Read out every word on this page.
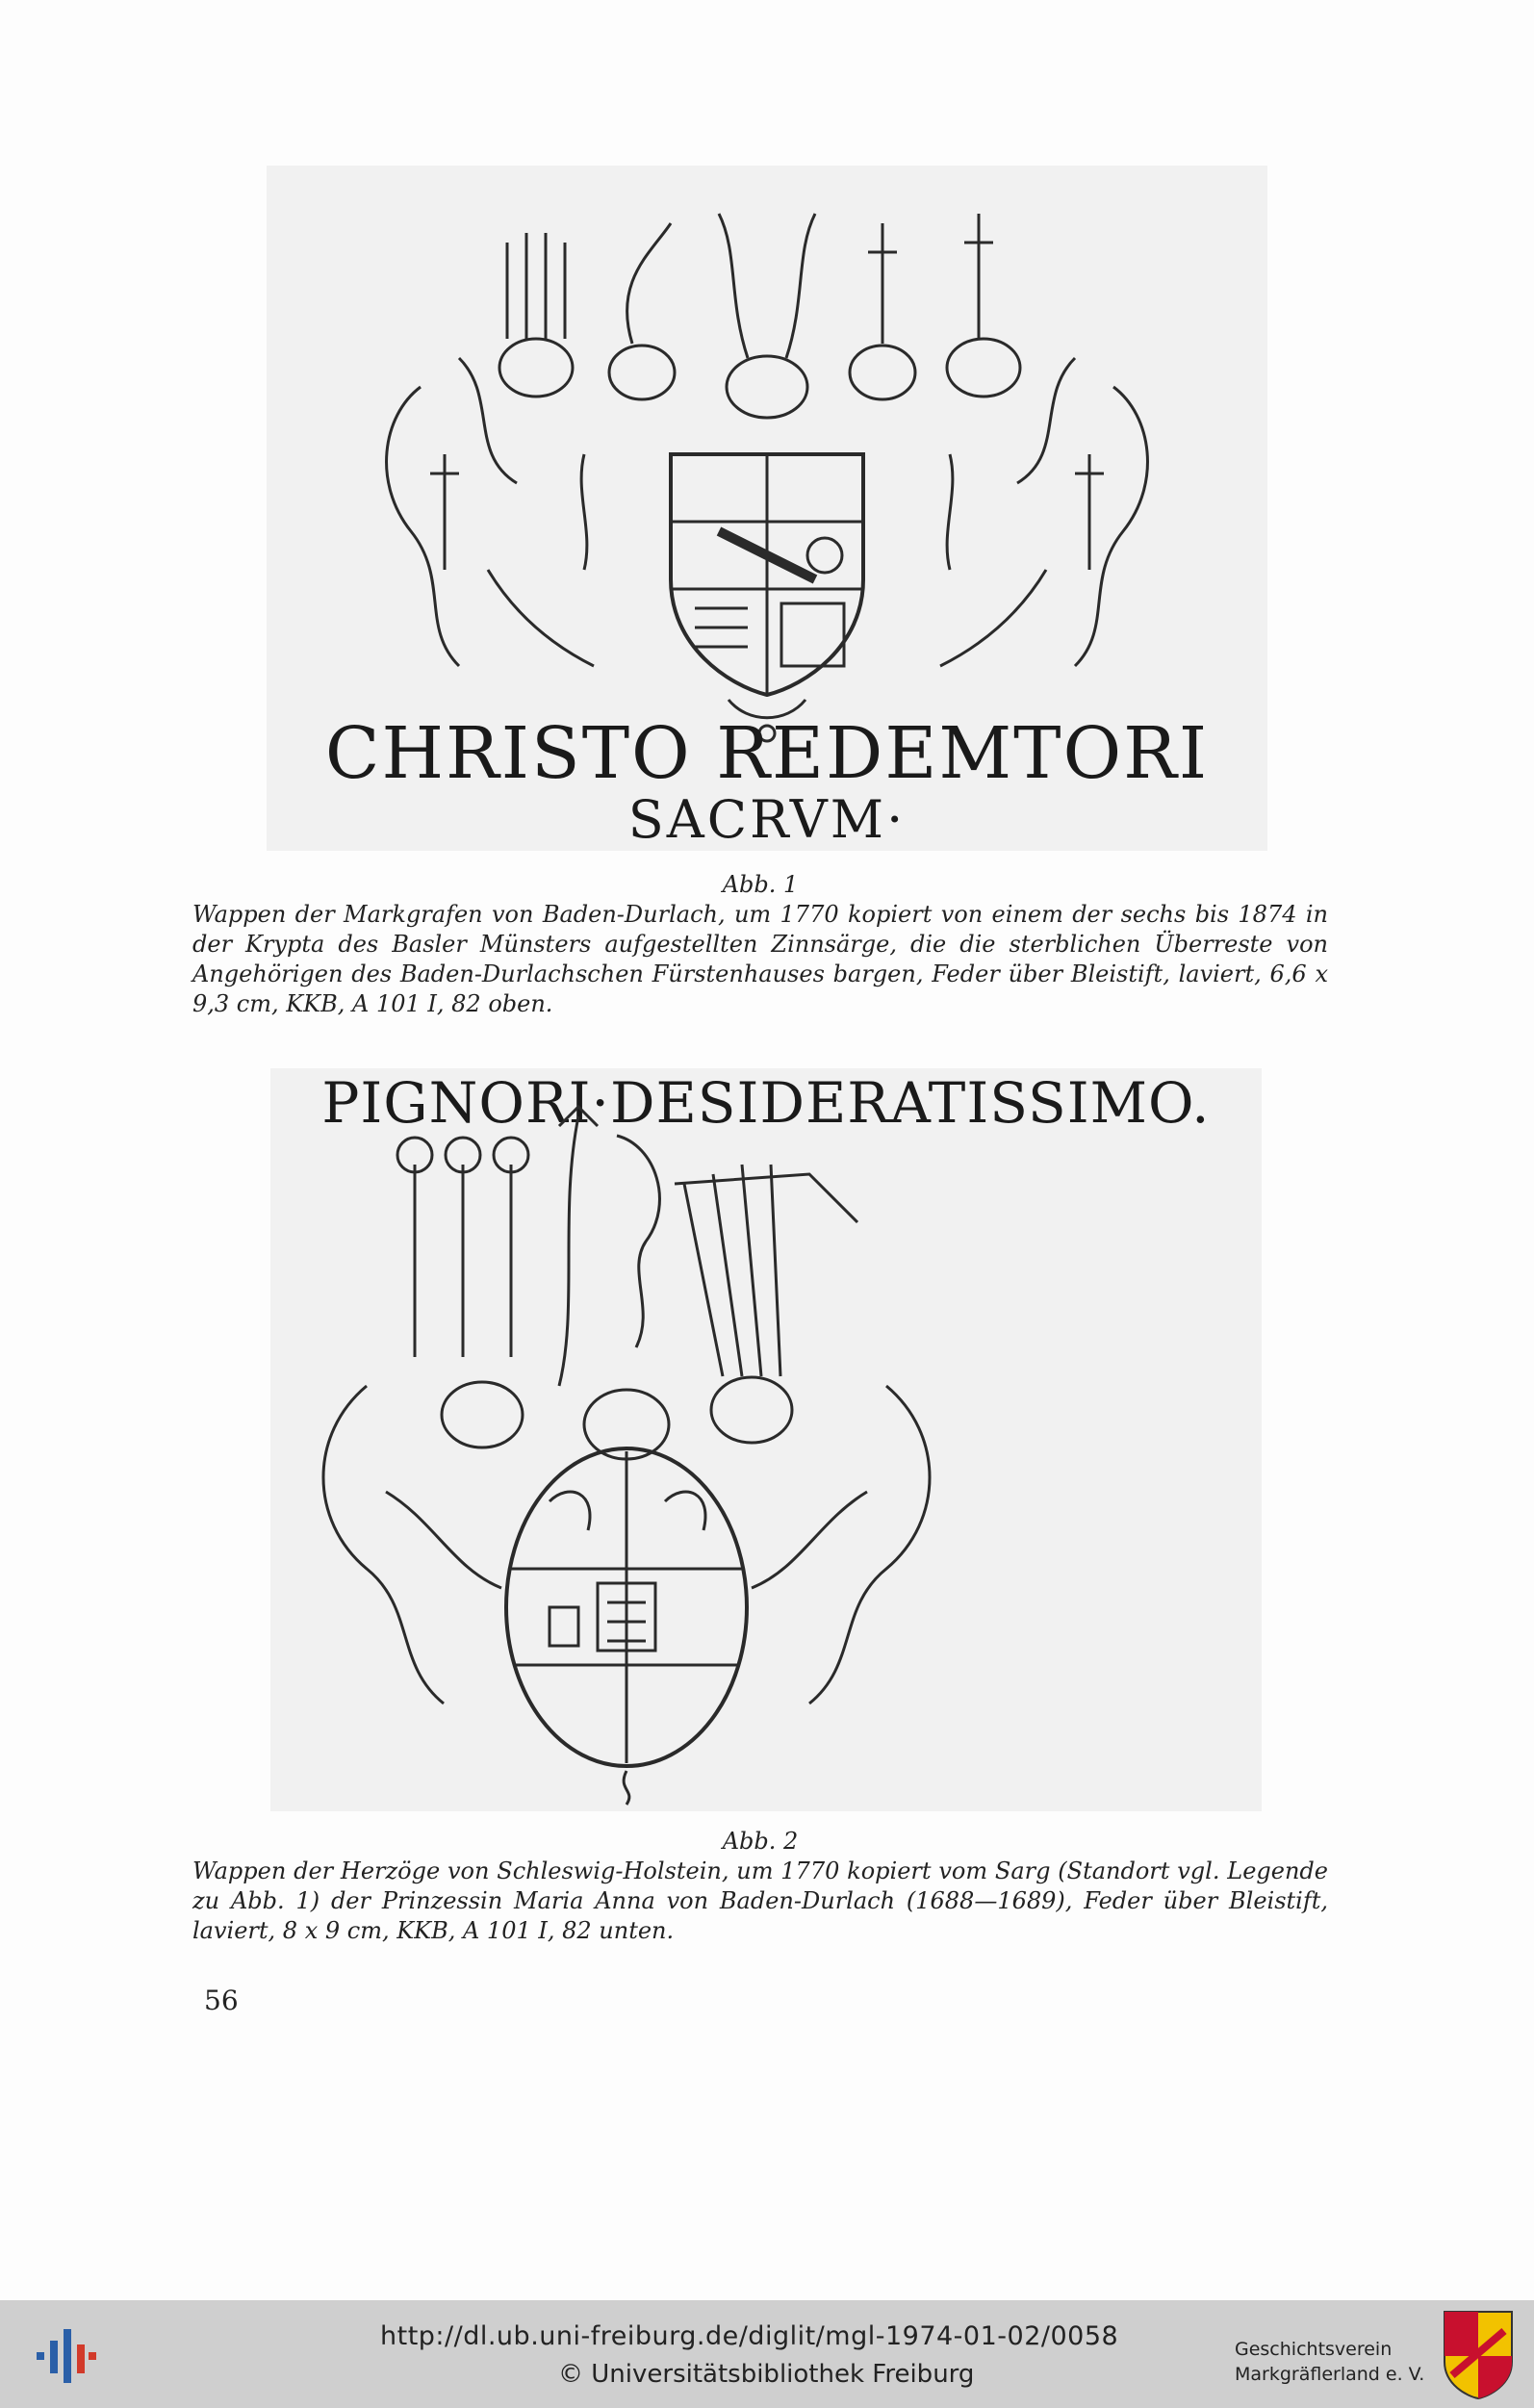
CHRISTO REDEMTORI
SACRVM·
Abb. 1
Wappen der Markgrafen von Baden-Durlach, um 1770 kopiert von einem der sechs bis 1874 in der Krypta des Basler Münsters aufgestellten Zinnsärge, die die sterblichen Überreste von Angehörigen des Baden-Durlachschen Fürstenhauses bargen, Feder über Bleistift, laviert, 6,6 x 9,3 cm, KKB, A 101 I, 82 oben.
PIGNORI·DESIDERATISSIMO.
Abb. 2
Wappen der Herzöge von Schleswig-Holstein, um 1770 kopiert vom Sarg (Standort vgl. Legende zu Abb. 1) der Prinzessin Maria Anna von Baden-Durlach (1688—1689), Feder über Bleistift, laviert, 8 x 9 cm, KKB, A 101 I, 82 unten.
56
http://dl.ub.uni-freiburg.de/diglit/mgl-1974-01-02/0058
© Universitätsbibliothek Freiburg
Geschichtsverein
Markgräflerland e. V.
